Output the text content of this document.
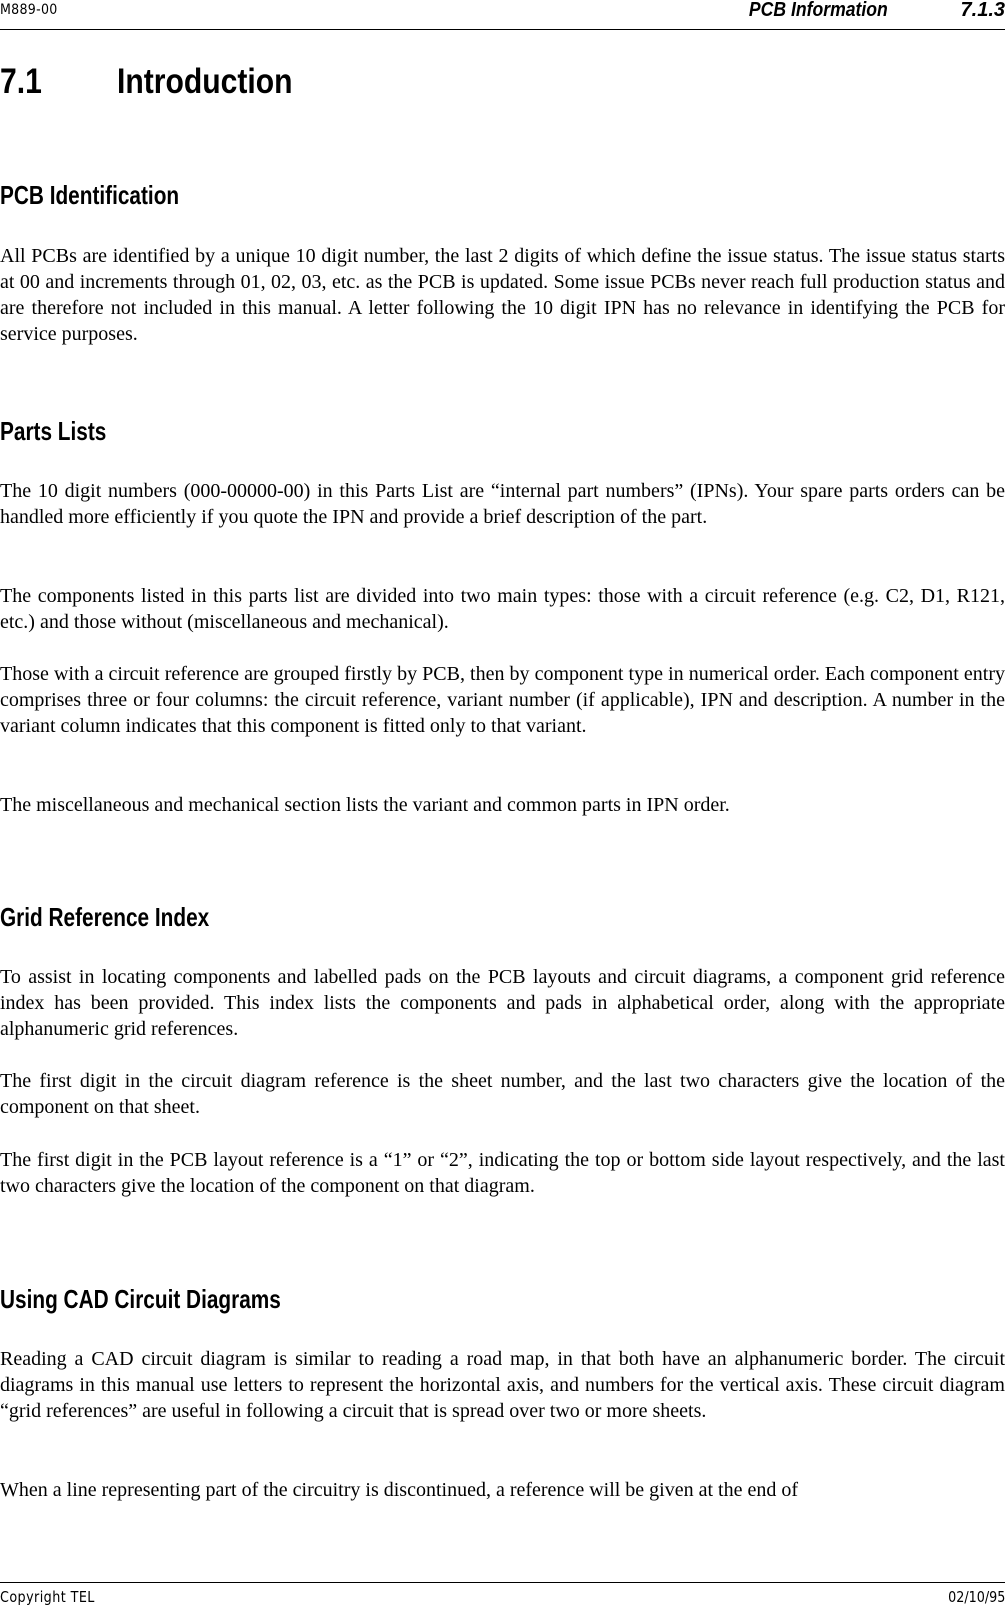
M889-00	PCB Information	7.1.3
7.1 Introduction
PCB Identification

All PCBs are identified by a unique 10 digit number, the last 2 digits of which define the issue status. The issue status starts at 00 and increments through 01, 02, 03, etc. as the PCB is updated. Some issue PCBs never reach full production status and are therefore not included in this manual. A letter following the 10 digit IPN has no relevance in identifying the PCB for service purposes.

Parts Lists

The 10 digit numbers (000-00000-00) in this Parts List are “internal part numbers” (IPNs). Your spare parts orders can be handled more efficiently if you quote the IPN and provide a brief description of the part.

The components listed in this parts list are divided into two main types: those with a circuit reference (e.g. C2, D1, R121, etc.) and those without (miscellaneous and mechanical).

Those with a circuit reference are grouped firstly by PCB, then by component type in numerical order. Each component entry comprises three or four columns: the circuit reference, variant number (if applicable), IPN and description. A number in the variant column indicates that this component is fitted only to that variant.

The miscellaneous and mechanical section lists the variant and common parts in IPN order.

Grid Reference Index

To assist in locating components and labelled pads on the PCB layouts and circuit diagrams, a component grid reference index has been provided. This index lists the components and pads in alphabetical order, along with the appropriate alphanumeric grid references.

The first digit in the circuit diagram reference is the sheet number, and the last two characters give the location of the component on that sheet.

The first digit in the PCB layout reference is a “1” or “2”, indicating the top or bottom side layout respectively, and the last two characters give the location of the component on that diagram.

Using CAD Circuit Diagrams

Reading a CAD circuit diagram is similar to reading a road map, in that both have an alphanumeric border. The circuit diagrams in this manual use letters to represent the horizontal axis, and numbers for the vertical axis. These circuit diagram “grid references” are useful in following a circuit that is spread over two or more sheets.

When a line representing part of the circuitry is discontinued, a reference will be given at the end of

Copyright TEL	02/10/95
